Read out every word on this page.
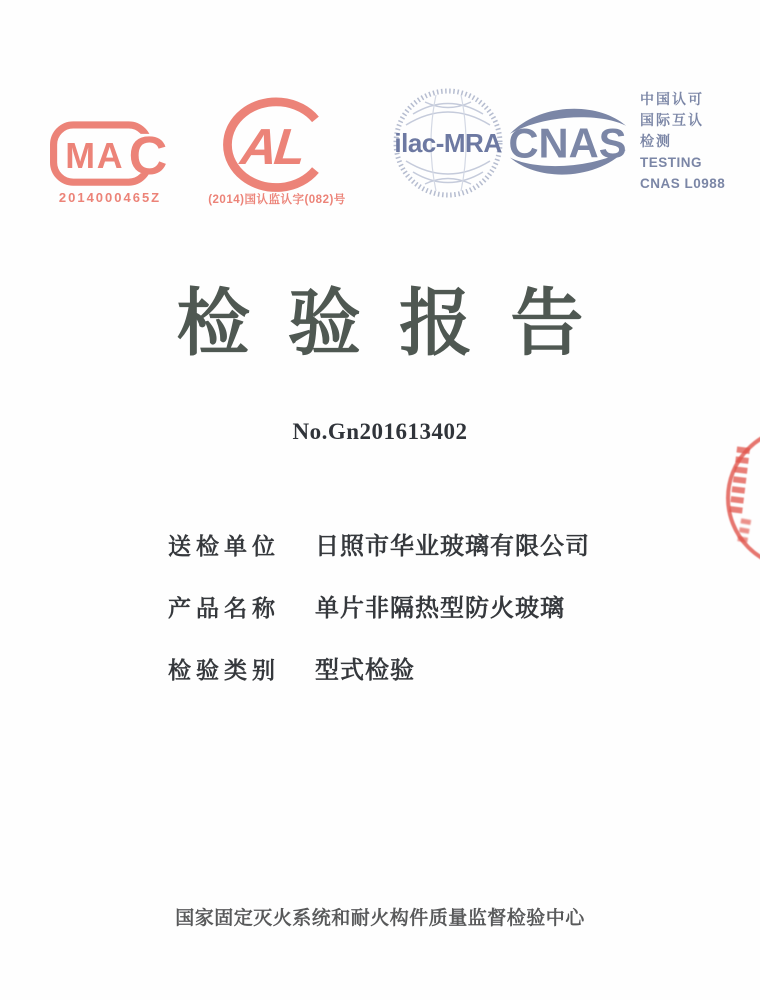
MA C
2014000465Z
AL
(2014)国认监认字(082)号
ilac-MRA CNAS
中国认可
国际互认
检测
TESTING
CNAS L0988
检 验 报 告
No.Gn201613402
送检单位 日照市华业玻璃有限公司
产品名称 单片非隔热型防火玻璃
检验类别 型式检验
国家固定灭火系统和耐火构件质量监督检验中心
